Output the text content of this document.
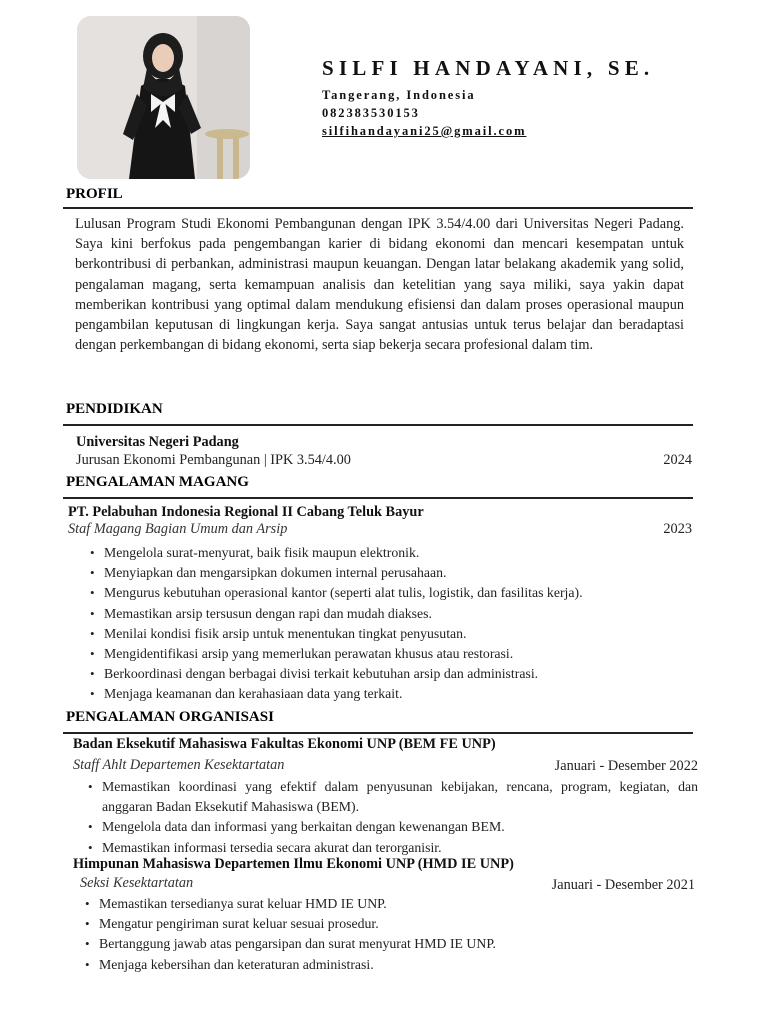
SILFI HANDAYANI, SE.
Tangerang, Indonesia
082383530153
silfihandayani25@gmail.com
PROFIL
Lulusan Program Studi Ekonomi Pembangunan dengan IPK 3.54/4.00 dari Universitas Negeri Padang. Saya kini berfokus pada pengembangan karier di bidang ekonomi dan mencari kesempatan untuk berkontribusi di perbankan, administrasi maupun keuangan. Dengan latar belakang akademik yang solid, pengalaman magang, serta kemampuan analisis dan ketelitian yang saya miliki, saya yakin dapat memberikan kontribusi yang optimal dalam mendukung efisiensi dan dalam proses operasional maupun pengambilan keputusan di lingkungan kerja. Saya sangat antusias untuk terus belajar dan beradaptasi dengan perkembangan di bidang ekonomi, serta siap bekerja secara profesional dalam tim.
PENDIDIKAN
Universitas Negeri Padang
Jurusan Ekonomi Pembangunan | IPK 3.54/4.00	2024
PENGALAMAN MAGANG
PT. Pelabuhan Indonesia Regional II Cabang Teluk Bayur
Staf Magang Bagian Umum dan Arsip	2023
• Mengelola surat-menyurat, baik fisik maupun elektronik.
• Menyiapkan dan mengarsipkan dokumen internal perusahaan.
• Mengurus kebutuhan operasional kantor (seperti alat tulis, logistik, dan fasilitas kerja).
• Memastikan arsip tersusun dengan rapi dan mudah diakses.
• Menilai kondisi fisik arsip untuk menentukan tingkat penyusutan.
• Mengidentifikasi arsip yang memerlukan perawatan khusus atau restorasi.
• Berkoordinasi dengan berbagai divisi terkait kebutuhan arsip dan administrasi.
• Menjaga keamanan dan kerahasiaan data yang terkait.
PENGALAMAN ORGANISASI
Badan Eksekutif Mahasiswa Fakultas Ekonomi UNP (BEM FE UNP)
Staff Ahlt Departemen Kesektartatan	Januari - Desember 2022
• Memastikan koordinasi yang efektif dalam penyusunan kebijakan, rencana, program, kegiatan, dan anggaran Badan Eksekutif Mahasiswa (BEM).
• Mengelola data dan informasi yang berkaitan dengan kewenangan BEM.
• Memastikan informasi tersedia secara akurat dan terorganisir.
Himpunan Mahasiswa Departemen Ilmu Ekonomi UNP (HMD IE UNP)
Seksi Kesektartatan	Januari - Desember 2021
• Memastikan tersedianya surat keluar HMD IE UNP.
• Mengatur pengiriman surat keluar sesuai prosedur.
• Bertanggung jawab atas pengarsipan dan surat menyurat HMD IE UNP.
• Menjaga kebersihan dan keteraturan administrasi.
